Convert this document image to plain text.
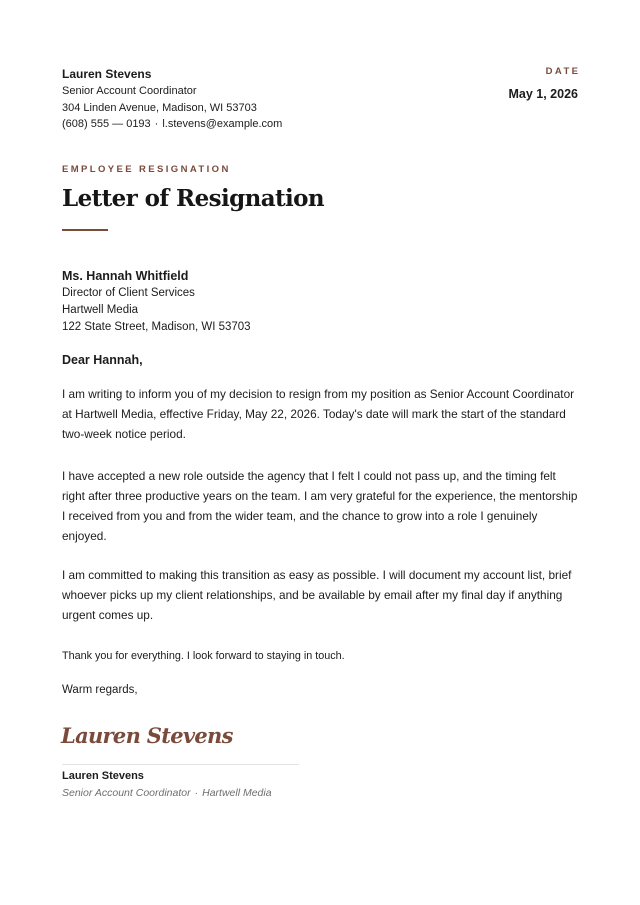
Lauren Stevens
Senior Account Coordinator
304 Linden Avenue, Madison, WI 53703
(608) 555 — 0193 · l.stevens@example.com
DATE
May 1, 2026
EMPLOYEE RESIGNATION
Letter of Resignation
Ms. Hannah Whitfield
Director of Client Services
Hartwell Media
122 State Street, Madison, WI 53703

Dear Hannah,

I am writing to inform you of my decision to resign from my position as Senior Account Coordinator at Hartwell Media, effective Friday, May 22, 2026. Today's date will mark the start of the standard two-week notice period.

I have accepted a new role outside the agency that I felt I could not pass up, and the timing felt right after three productive years on the team. I am very grateful for the experience, the mentorship I received from you and from the wider team, and the chance to grow into a role I genuinely enjoyed.

I am committed to making this transition as easy as possible. I will document my account list, brief whoever picks up my client relationships, and be available by email after my final day if anything urgent comes up.

Thank you for everything. I look forward to staying in touch.

Warm regards,

Lauren Stevens
Lauren Stevens
Senior Account Coordinator · Hartwell Media
